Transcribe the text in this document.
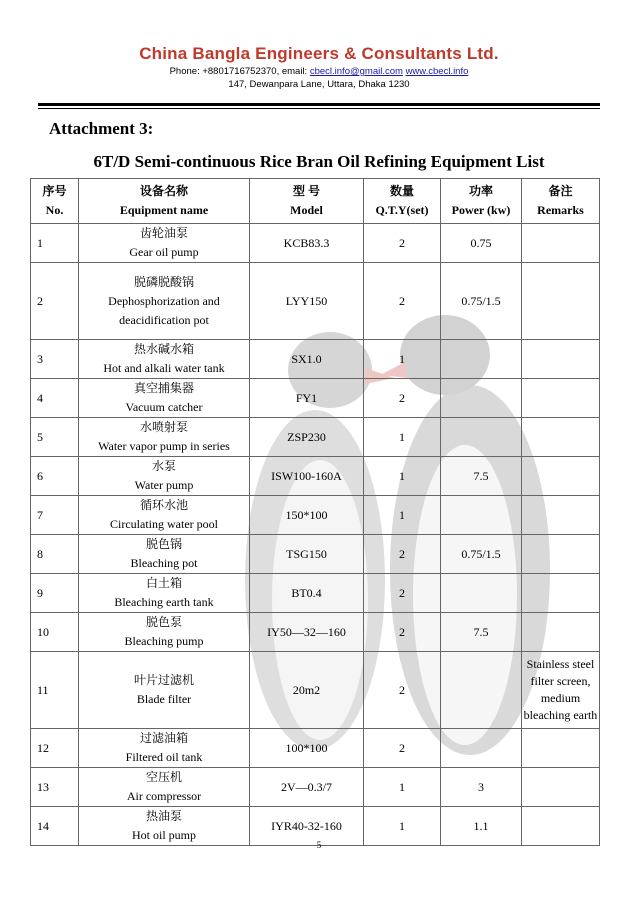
China Bangla Engineers & Consultants Ltd.
Phone: +8801716752370, email: cbecl.info@gmail.com www.cbecl.info
147, Dewanpara Lane, Uttara, Dhaka 1230
Attachment 3:
6T/D Semi-continuous Rice Bran Oil Refining Equipment List
序号
No.	设备名称
Equipment name	型 号
Model	数量
Q.T.Y(set)	功率
Power (kw)	备注
Remarks

1	齿轮油泵
Gear oil pump	KCB83.3	2	0.75	
2	脱磷脱酸锅
Dephosphorization and deacidification pot	LYY150	2	0.75/1.5	
3	热水碱水箱
Hot and alkali water tank	SX1.0	1		
4	真空捕集器
Vacuum catcher	FY1	2		
5	水喷射泵
Water vapor pump in series	ZSP230	1		
6	水泵
Water pump	ISW100-160A	1	7.5	
7	循环水池
Circulating water pool	150*100	1		
8	脱色锅
Bleaching pot	TSG150	2	0.75/1.5	
9	白土箱
Bleaching earth tank	BT0.4	2		
10	脱色泵
Bleaching pump	IY50—32—160	2	7.5	
11	叶片过滤机
Blade filter	20m2	2		Stainless steel filter screen, medium bleaching earth
12	过滤油箱
Filtered oil tank	100*100	2		
13	空压机
Air compressor	2V—0.3/7	1	3	
14	热油泵
Hot oil pump	IYR40-32-160	1	1.1	
5
